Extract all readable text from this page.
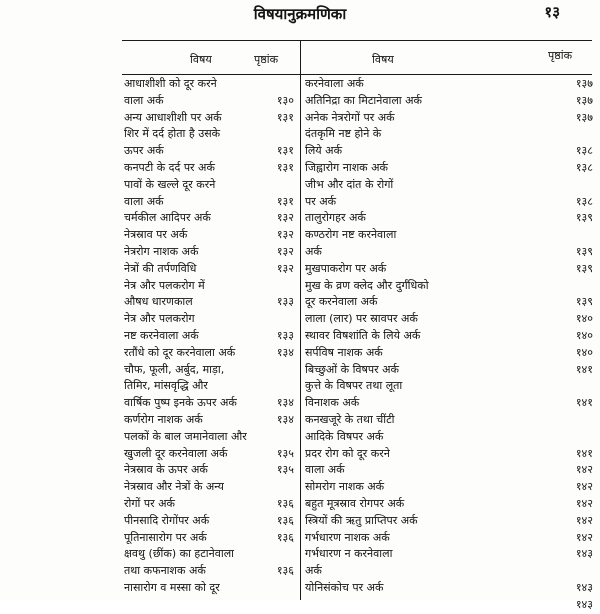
विषयानुक्रमणिका	१३
विषय	पृष्ठांक	विषय	पृष्ठांक
आधाशीशी को दूर करने
वाला अर्क	१३०
अन्य आधाशीशी पर अर्क	१३१
शिर में दर्द होता है उसके
ऊपर अर्क	१३१
कनपटी के दर्द पर अर्क	१३१
पावों के खल्ले दूर करने
वाला अर्क	१३१
चर्मकील आदिपर अर्क	१३२
नेत्रस्राव पर अर्क	१३२
नेत्ररोग नाशक अर्क	१३२
नेत्रों की तर्पणविधि	१३२
नेत्र और पलकरोग में
औषध धारणकाल	१३३
नेत्र और पलकरोग
नष्ट करनेवाला अर्क	१३३
रतौंधे को दूर करनेवाला अर्क	१३४
चौफ, फूली, अर्बुद, माड़ा,
तिमिर, मांसवृद्धि और
वार्षिक पुष्प इनके ऊपर अर्क	१३४
कर्णरोग नाशक अर्क	१३४
पलकों के बाल जमानेवाला और
खुजली दूर करनेवाला अर्क	१३५
नेत्रस्राव के ऊपर अर्क	१३५
नेत्रस्राव और नेत्रों के अन्य
रोगों पर अर्क	१३६
पीनसादि रोगोंपर अर्क	१३६
पूतिनासारोग पर अर्क	१३६
क्षवथु (छींक) का हटानेवाला
तथा कफनाशक अर्क	१३६
नासारोग व मस्सा को दूर
करनेवाला अर्क	१३७
अतिनिद्रा का मिटानेवाला अर्क	१३७
अनेक नेत्ररोगों पर अर्क	१३७
दंतकृमि नष्ट होने के
लिये अर्क	१३८
जिह्वारोग नाशक अर्क	१३८
जीभ और दांत के रोगों
पर अर्क	१३८
तालुरोगहर अर्क	१३९
कण्ठरोग नष्ट करनेवाला
अर्क	१३९
मुखपाकरोग पर अर्क	१३९
मुख के व्रण क्लेद और दुर्गंधिको
दूर करनेवाला अर्क	१३९
लाला (लार) पर स्रावपर अर्क	१४०
स्थावर विषशांति के लिये अर्क	१४०
सर्पविष नाशक अर्क	१४०
बिच्छुओं के विषपर अर्क	१४१
कुत्ते के विषपर तथा लूता
विनाशक अर्क	१४१
कनखजूरे के तथा चींटी
आदिके विषपर अर्क
प्रदर रोग को दूर करने	१४१
वाला अर्क	१४२
सोमरोग नाशक अर्क	१४२
बहुत मूत्रस्राव रोगपर अर्क	१४२
स्त्रियों की ऋतु प्राप्तिपर अर्क	१४२
गर्भधारण नाशक अर्क	१४२
गर्भधारण न करनेवाला	१४३
अर्क
योनिसंकोच पर अर्क	१४३
१४३
